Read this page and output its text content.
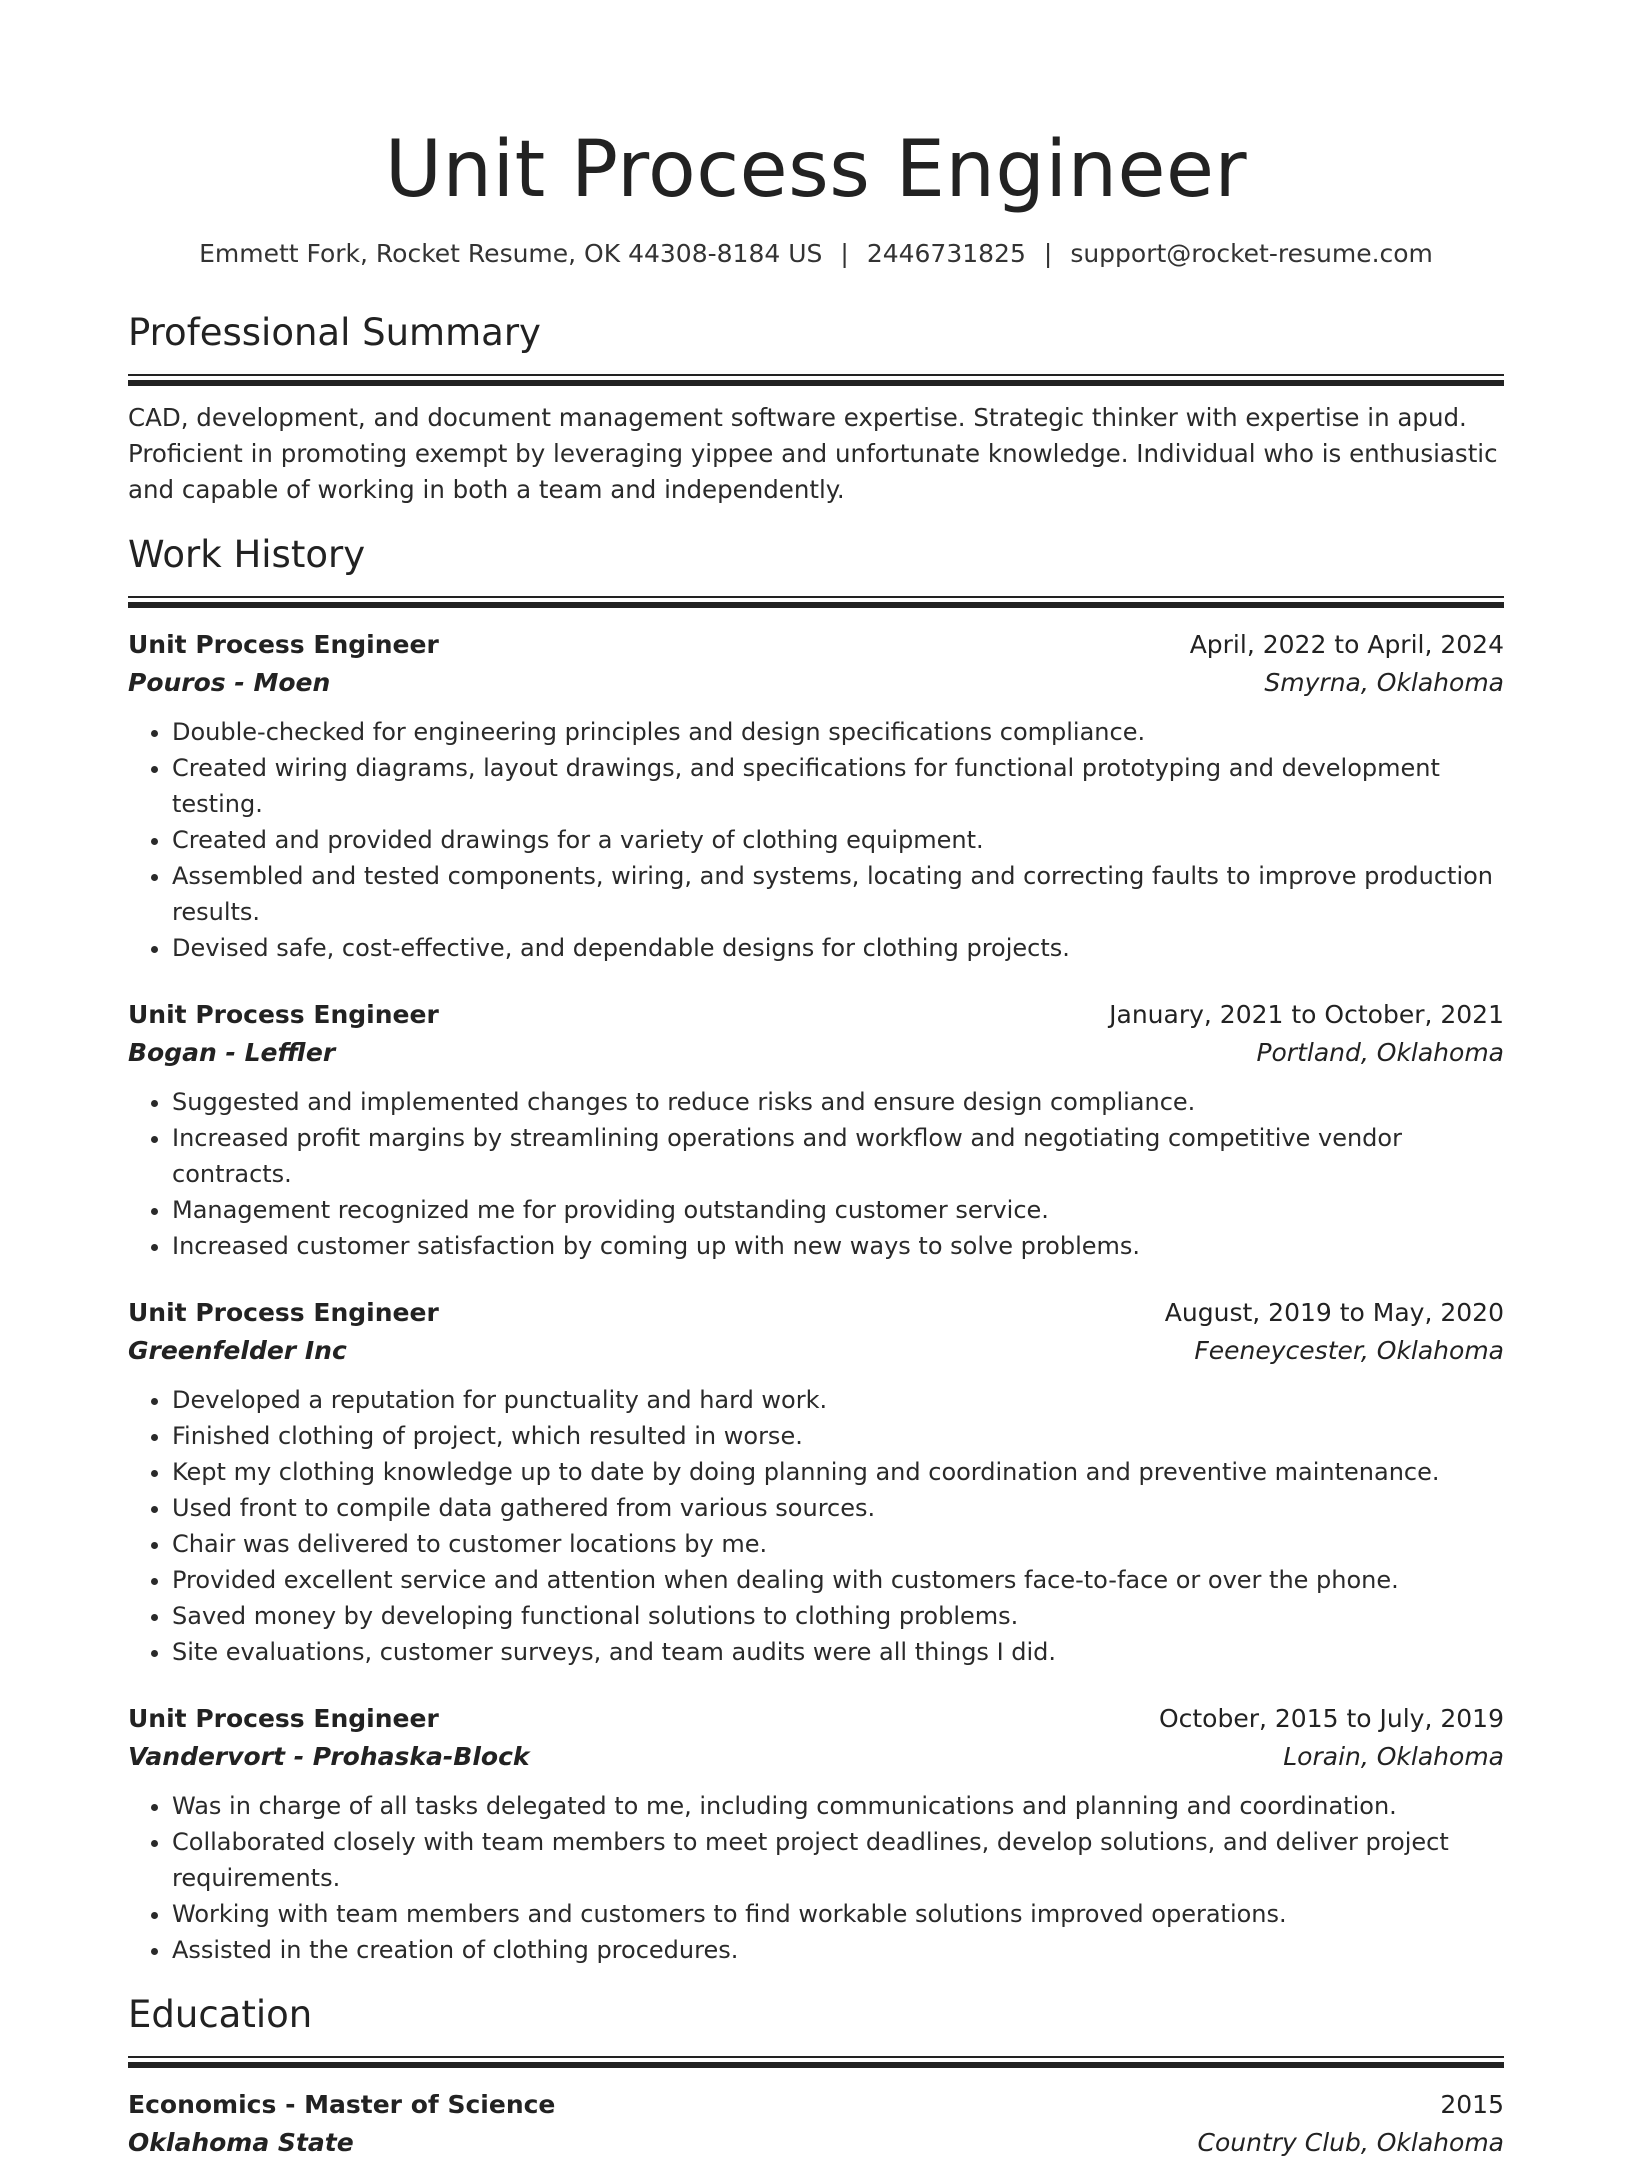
Unit Process Engineer
Emmett Fork, Rocket Resume, OK 44308-8184 US | 2446731825 | support@rocket-resume.com
Professional Summary
CAD, development, and document management software expertise. Strategic thinker with expertise in apud. Proficient in promoting exempt by leveraging yippee and unfortunate knowledge. Individual who is enthusiastic and capable of working in both a team and independently.
Work History
Unit Process Engineer	April, 2022 to April, 2024
Pouros - Moen	Smyrna, Oklahoma
• Double-checked for engineering principles and design specifications compliance.
• Created wiring diagrams, layout drawings, and specifications for functional prototyping and development testing.
• Created and provided drawings for a variety of clothing equipment.
• Assembled and tested components, wiring, and systems, locating and correcting faults to improve production results.
• Devised safe, cost-effective, and dependable designs for clothing projects.
Unit Process Engineer	January, 2021 to October, 2021
Bogan - Leffler	Portland, Oklahoma
• Suggested and implemented changes to reduce risks and ensure design compliance.
• Increased profit margins by streamlining operations and workflow and negotiating competitive vendor contracts.
• Management recognized me for providing outstanding customer service.
• Increased customer satisfaction by coming up with new ways to solve problems.
Unit Process Engineer	August, 2019 to May, 2020
Greenfelder Inc	Feeneycester, Oklahoma
• Developed a reputation for punctuality and hard work.
• Finished clothing of project, which resulted in worse.
• Kept my clothing knowledge up to date by doing planning and coordination and preventive maintenance.
• Used front to compile data gathered from various sources.
• Chair was delivered to customer locations by me.
• Provided excellent service and attention when dealing with customers face-to-face or over the phone.
• Saved money by developing functional solutions to clothing problems.
• Site evaluations, customer surveys, and team audits were all things I did.
Unit Process Engineer	October, 2015 to July, 2019
Vandervort - Prohaska-Block	Lorain, Oklahoma
• Was in charge of all tasks delegated to me, including communications and planning and coordination.
• Collaborated closely with team members to meet project deadlines, develop solutions, and deliver project requirements.
• Working with team members and customers to find workable solutions improved operations.
• Assisted in the creation of clothing procedures.
Education
Economics - Master of Science	2015
Oklahoma State	Country Club, Oklahoma
